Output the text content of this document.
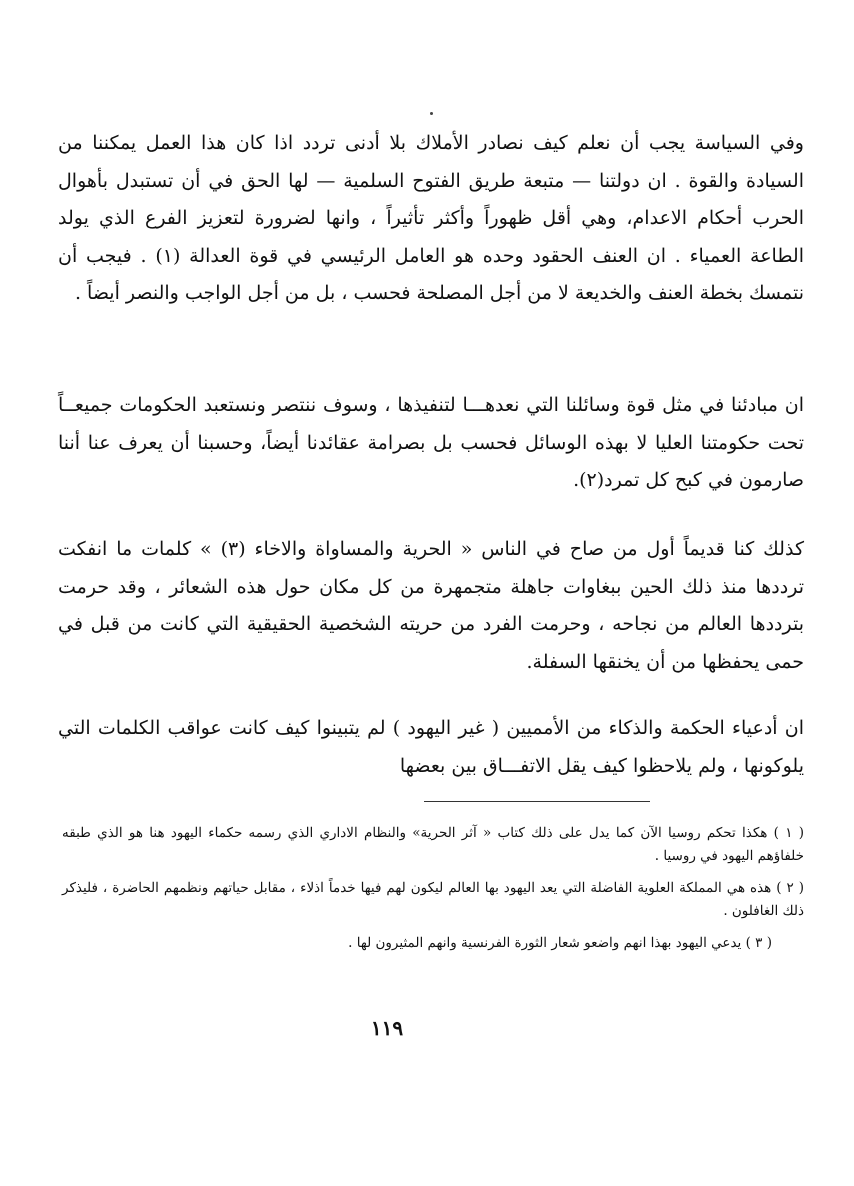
وفي السياسة يجب أن نعلم كيف نصادر الأملاك بلا أدنى تردد اذا كان هذا العمل يمكننا من السيادة والقوة . ان دولتنا — متبعة طريق الفتوح السلمية — لها الحق في أن تستبدل بأهوال الحرب أحكام الاعدام، وهي أقل ظهوراً وأكثر تأثيراً ، وانها لضرورة لتعزيز الفرع الذي يولد الطاعة العمياء . ان العنف الحقود وحده هو العامل الرئيسي في قوة العدالة (١) . فيجب أن نتمسك بخطة العنف والخديعة لا من أجل المصلحة فحسب ، بل من أجل الواجب والنصر أيضاً .
ان مبادئنا في مثل قوة وسائلنا التي نعدهـــا لتنفيذها ، وسوف ننتصر ونستعبد الحكومات جميعــاً تحت حكومتنا العليا لا بهذه الوسائل فحسب بل بصرامة عقائدنا أيضاً، وحسبنا أن يعرف عنا أننا صارمون في كبح كل تمرد(٢).
كذلك كنا قديماً أول من صاح في الناس « الحرية والمساواة والاخاء (٣) » كلمات ما انفكت ترددها منذ ذلك الحين ببغاوات جاهلة متجمهرة من كل مكان حول هذه الشعائر ، وقد حرمت بترددها العالم من نجاحه ، وحرمت الفرد من حريته الشخصية الحقيقية التي كانت من قبل في حمى يحفظها من أن يخنقها السفلة.
ان أدعياء الحكمة والذكاء من الأمميين ( غير اليهود ) لم يتبينوا كيف كانت عواقب الكلمات التي يلوكونها ، ولم يلاحظوا كيف يقل الاتفـــاق بين بعضها

( ١ ) هكذا تحكم روسيا الآن كما يدل على ذلك كتاب « آثر الحرية» والنظام الاداري الذي رسمه حكماء اليهود هنا هو الذي طبقه خلفاؤهم اليهود في روسيا .

( ٢ ) هذه هي المملكة العلوية الفاضلة التي يعد اليهود بها العالم ليكون لهم فيها خدماً اذلاء ، مقابل حياتهم ونظمهم الحاضرة ، فليذكر ذلك الغافلون .

( ٣ ) يدعي اليهود بهذا انهم واضعو شعار الثورة الفرنسية وانهم المثيرون لها .

١١٩
